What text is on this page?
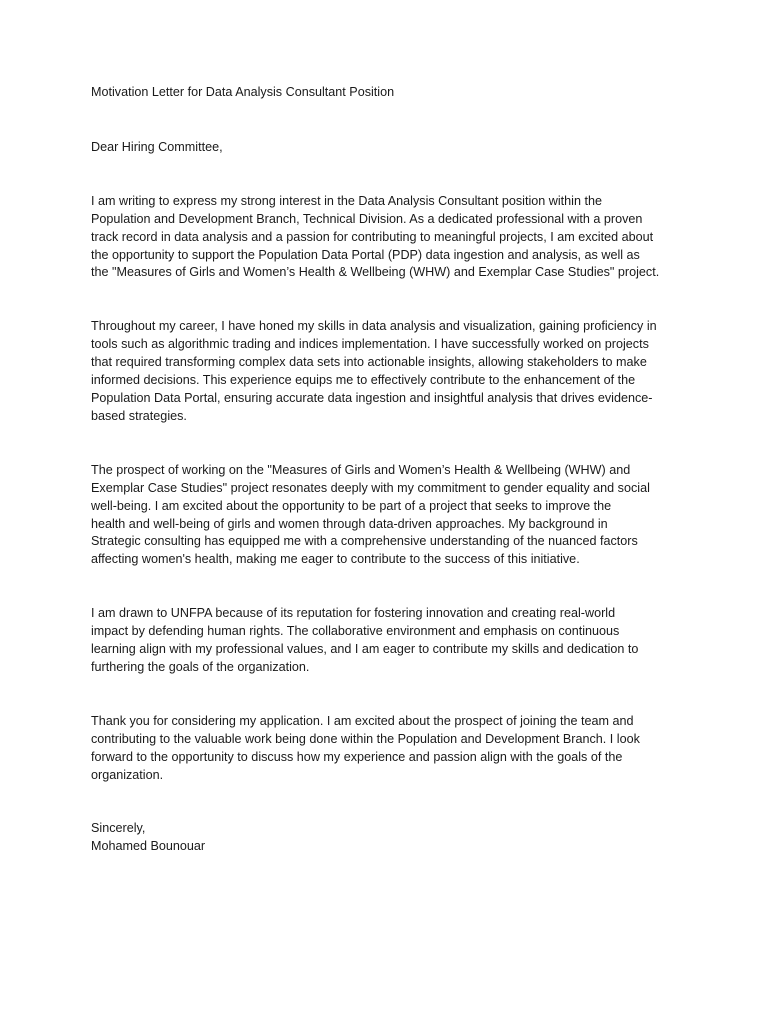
Motivation Letter for Data Analysis Consultant Position
Dear Hiring Committee,
I am writing to express my strong interest in the Data Analysis Consultant position within the
Population and Development Branch, Technical Division. As a dedicated professional with a proven
track record in data analysis and a passion for contributing to meaningful projects, I am excited about
the opportunity to support the Population Data Portal (PDP) data ingestion and analysis, as well as
the "Measures of Girls and Women’s Health & Wellbeing (WHW) and Exemplar Case Studies" project.
Throughout my career, I have honed my skills in data analysis and visualization, gaining proficiency in
tools such as algorithmic trading and indices implementation. I have successfully worked on projects
that required transforming complex data sets into actionable insights, allowing stakeholders to make
informed decisions. This experience equips me to effectively contribute to the enhancement of the
Population Data Portal, ensuring accurate data ingestion and insightful analysis that drives evidence-
based strategies.
The prospect of working on the "Measures of Girls and Women’s Health & Wellbeing (WHW) and
Exemplar Case Studies" project resonates deeply with my commitment to gender equality and social
well-being. I am excited about the opportunity to be part of a project that seeks to improve the
health and well-being of girls and women through data-driven approaches. My background in
Strategic consulting has equipped me with a comprehensive understanding of the nuanced factors
affecting women's health, making me eager to contribute to the success of this initiative.
I am drawn to UNFPA because of its reputation for fostering innovation and creating real-world
impact by defending human rights. The collaborative environment and emphasis on continuous
learning align with my professional values, and I am eager to contribute my skills and dedication to
furthering the goals of the organization.
Thank you for considering my application. I am excited about the prospect of joining the team and
contributing to the valuable work being done within the Population and Development Branch. I look
forward to the opportunity to discuss how my experience and passion align with the goals of the
organization.
Sincerely,
Mohamed Bounouar
